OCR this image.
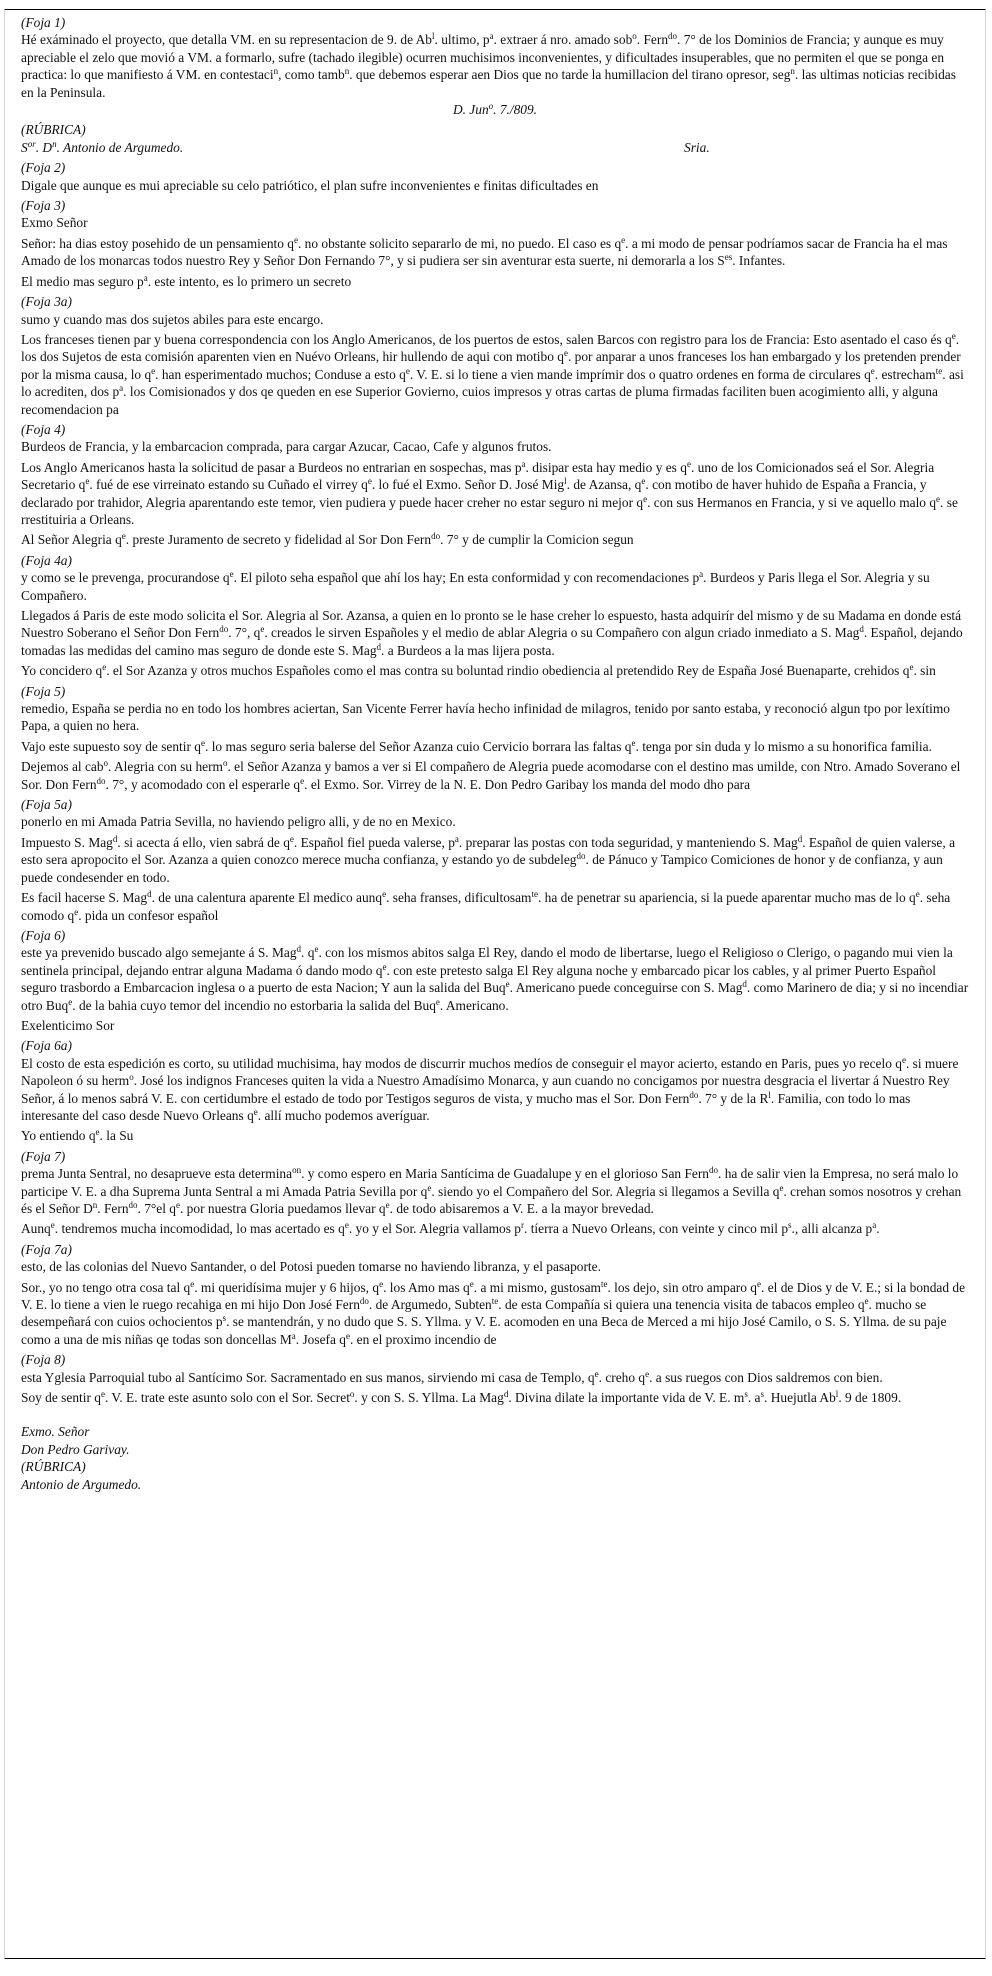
(Foja 1)

Hé exáminado el proyecto, que detalla VM. en su representacion de 9. de Ab$^l$. ultimo, $p^a$. extraer á nro. amado sob$^o$. Fern$^{do}$. 7° de los Dominios de Francia; y aunque es muy apreciable el zelo que movió a VM. a formarlo, sufre (tachado ilegible) ocurren muchisimos inconvenientes, y dificultades insuperables, que no permiten el que se ponga en practica: lo que manifiesto á VM. en contestaci$^n$, como tamb$^n$. que debemos esperar aen Dios que no tarde la humillacion del tirano opresor, seg$^n$. las ultimas noticias recibidas en la Peninsula.

D. Jun$^o$. 7./809.
(RÚBRICA)
$S^{or}$. $D^n$. Antonio de Argumedo.	Sria.
(Foja 2)

Digale que aunque es mui apreciable su celo patriótico, el plan sufre inconvenientes e finitas dificultades en

(Foja 3)

Exmo Señor

Señor: ha dias estoy posehido de un pensamiento $q^e$. no obstante solicito separarlo de mi, no puedo. El caso es $q^e$. a mi modo de pensar podríamos sacar de Francia ha el mas Amado de los monarcas todos nuestro Rey y Señor Don Fernando 7°, y si pudiera ser sin aventurar esta suerte, ni demorarla a los $S^{es}$. Infantes.

El medio mas seguro $p^a$. este intento, es lo primero un secreto

(Foja 3a)

sumo y cuando mas dos sujetos abiles para este encargo.

Los franceses tienen par y buena correspondencia con los Anglo Americanos, de los puertos de estos, salen Barcos con registro para los de Francia: Esto asentado el caso és $q^e$. los dos Sujetos de esta comisión aparenten vien en Nuévo Orleans, hir hullendo de aqui con motibo $q^e$. por anparar a unos franceses los han embargado y los pretenden prender por la misma causa, lo $q^e$. han esperimentado muchos; Conduse a esto $q^e$. V. E. si lo tiene a vien mande imprímir dos o quatro ordenes en forma de circulares $q^e$. estrecham$^{te}$. asi lo acrediten, dos $p^a$. los Comisionados y dos qe queden en ese Superior Govierno, cuios impresos y otras cartas de pluma firmadas faciliten buen acogimiento alli, y alguna recomendacion pa

(Foja 4)

Burdeos de Francia, y la embarcacion comprada, para cargar Azucar, Cacao, Cafe y algunos frutos.

Los Anglo Americanos hasta la solicitud de pasar a Burdeos no entrarian en sospechas, mas $p^a$. disipar esta hay medio y es $q^e$. uno de los Comicionados seá el Sor. Alegria Secretario $q^e$. fué de ese virreinato estando su Cuñado el virrey $q^e$. lo fué el Exmo. Señor D. José Mig$^l$. de Azansa, $q^e$. con motibo de haver huhido de España a Francia, y declarado por trahidor, Alegria aparentando este temor, vien pudiera y puede hacer creher no estar seguro ni mejor $q^e$. con sus Hermanos en Francia, y si ve aquello malo $q^e$. se rrestituiria a Orleans.

Al Señor Alegria $q^e$. preste Juramento de secreto y fidelidad al Sor Don Fern$^{do}$. 7° y de cumplir la Comicion segun

(Foja 4a)

y como se le prevenga, procurandose $q^e$. El piloto seha español que ahí los hay; En esta conformidad y con recomendaciones $p^a$. Burdeos y Paris llega el Sor. Alegria y su Compañero.

Llegados á Paris de este modo solicita el Sor. Alegria al Sor. Azansa, a quien en lo pronto se le hase creher lo espuesto, hasta adquirír del mismo y de su Madama en donde está Nuestro Soberano el Señor Don Fern$^{do}$. 7°, $q^e$. creados le sirven Españoles y el medio de ablar Alegria o su Compañero con algun criado inmediato a S. Mag$^d$. Español, dejando tomadas las medidas del camino mas seguro de donde este S. Mag$^d$. a Burdeos a la mas lijera posta.

Yo concidero $q^e$. el Sor Azanza y otros muchos Españoles como el mas contra su boluntad rindio obediencia al pretendido Rey de España José Buenaparte, crehidos $q^e$. sin

(Foja 5)

remedio, España se perdia no en todo los hombres aciertan, San Vicente Ferrer havía hecho infinidad de milagros, tenido por santo estaba, y reconoció algun tpo por lexítimo Papa, a quien no hera.

Vajo este supuesto soy de sentir $q^e$. lo mas seguro seria balerse del Señor Azanza cuio Cervicio borrara las faltas $q^e$. tenga por sin duda y lo mismo a su honorifica familia.

Dejemos al cab$^o$. Alegria con su herm$^o$. el Señor Azanza y bamos a ver si El compañero de Alegria puede acomodarse con el destino mas umilde, con Ntro. Amado Soverano el Sor. Don Fern$^{do}$. 7°, y acomodado con el esperarle $q^e$. el Exmo. Sor. Virrey de la N. E. Don Pedro Garibay los manda del modo dho para

(Foja 5a)

ponerlo en mi Amada Patria Sevilla, no haviendo peligro alli, y de no en Mexico.

Impuesto S. Mag$^d$. si acecta á ello, vien sabrá de $q^e$. Español fiel pueda valerse, $p^a$. preparar las postas con toda seguridad, y manteniendo S. Mag$^d$. Español de quien valerse, a esto sera apropocito el Sor. Azanza a quien conozco merece mucha confianza, y estando yo de subdeleg$^{do}$. de Pánuco y Tampico Comiciones de honor y de confianza, y aun puede condesender en todo.

Es facil hacerse S. Mag$^d$. de una calentura aparente El medico aunq$^e$. seha franses, dificultosam$^{te}$. ha de penetrar su apariencia, si la puede aparentar mucho mas de lo $q^e$. seha comodo $q^e$. pida un confesor español

(Foja 6)

este ya prevenido buscado algo semejante á S. Mag$^d$. $q^e$. con los mismos abitos salga El Rey, dando el modo de libertarse, luego el Religioso o Clerigo, o pagando mui vien la sentinela principal, dejando entrar alguna Madama ó dando modo $q^e$. con este pretesto salga El Rey alguna noche y embarcado picar los cables, y al primer Puerto Español seguro trasbordo a Embarcacion inglesa o a puerto de esta Nacion; Y aun la salida del Buq$^e$. Americano puede conceguirse con S. Mag$^d$. como Marinero de dia; y si no incendiar otro Buq$^e$. de la bahia cuyo temor del incendio no estorbaria la salida del Buq$^e$. Americano.

Exelenticimo Sor

(Foja 6a)

El costo de esta espedición es corto, su utilidad muchisima, hay modos de discurrir muchos medíos de conseguir el mayor acierto, estando en Paris, pues yo recelo $q^e$. si muere Napoleon ó su herm$^o$. José los indignos Franceses quiten la vida a Nuestro Amadísimo Monarca, y aun cuando no concigamos por nuestra desgracia el livertar á Nuestro Rey Señor, á lo menos sabrá V. E. con certidumbre el estado de todo por Testigos seguros de vista, y mucho mas el Sor. Don Fern$^{do}$. 7° y de la $R^l$. Familia, con todo lo mas interesante del caso desde Nuevo Orleans $q^e$. allí mucho podemos averíguar.

Yo entiendo $q^e$. la Su

(Foja 7)

prema Junta Sentral, no desaprueve esta determina$^{on}$. y como espero en Maria Santícima de Guadalupe y en el glorioso San Fern$^{do}$. ha de salir vien la Empresa, no será malo lo participe V. E. a dha Suprema Junta Sentral a mi Amada Patria Sevilla por $q^e$. siendo yo el Compañero del Sor. Alegria si llegamos a Sevilla $q^e$. crehan somos nosotros y crehan és el Señor $D^n$. Fern$^{do}$. 7°el $q^e$. por nuestra Gloria puedamos llevar $q^e$. de todo abisaremos a V. E. a la mayor brevedad.

Aunq$^e$. tendremos mucha incomodidad, lo mas acertado es $q^e$. yo y el Sor. Alegria vallamos $p^r$. tíerra a Nuevo Orleans, con veinte y cinco mil $p^s$., alli alcanza $p^a$.

(Foja 7a)

esto, de las colonias del Nuevo Santander, o del Potosi pueden tomarse no haviendo libranza, y el pasaporte.

Sor., yo no tengo otra cosa tal $q^e$. mi queridísima mujer y 6 hijos, $q^e$. los Amo mas $q^e$. a mi mismo, gustosam$^{te}$. los dejo, sin otro amparo $q^e$. el de Dios y de V. E.; si la bondad de V. E. lo tiene a vien le ruego recahiga en mi hijo Don José Fern$^{do}$. de Argumedo, Subten$^{te}$. de esta Compañía si quiera una tenencia visita de tabacos empleo $q^e$. mucho se desempeñará con cuios ochocientos $p^s$. se mantendrán, y no dudo que S. S. Yllma. y V. E. acomoden en una Beca de Merced a mi hijo José Camilo, o S. S. Yllma. de su paje como a una de mis niñas qe todas son doncellas $M^a$. Josefa $q^e$. en el proximo incendio de

(Foja 8)

esta Yglesia Parroquial tubo al Santícimo Sor. Sacramentado en sus manos, sirviendo mi casa de Templo, $q^e$. creho $q^e$. a sus ruegos con Dios saldremos con bien.

Soy de sentir $q^e$. V. E. trate este asunto solo con el Sor. Secret$^o$. y con S. S. Yllma. La Mag$^d$. Divina dilate la importante vida de V. E. $m^s$. $a^s$. Huejutla Ab$^l$. 9 de 1809.

Exmo. Señor
Don Pedro Garivay.
(RÚBRICA)
Antonio de Argumedo.
